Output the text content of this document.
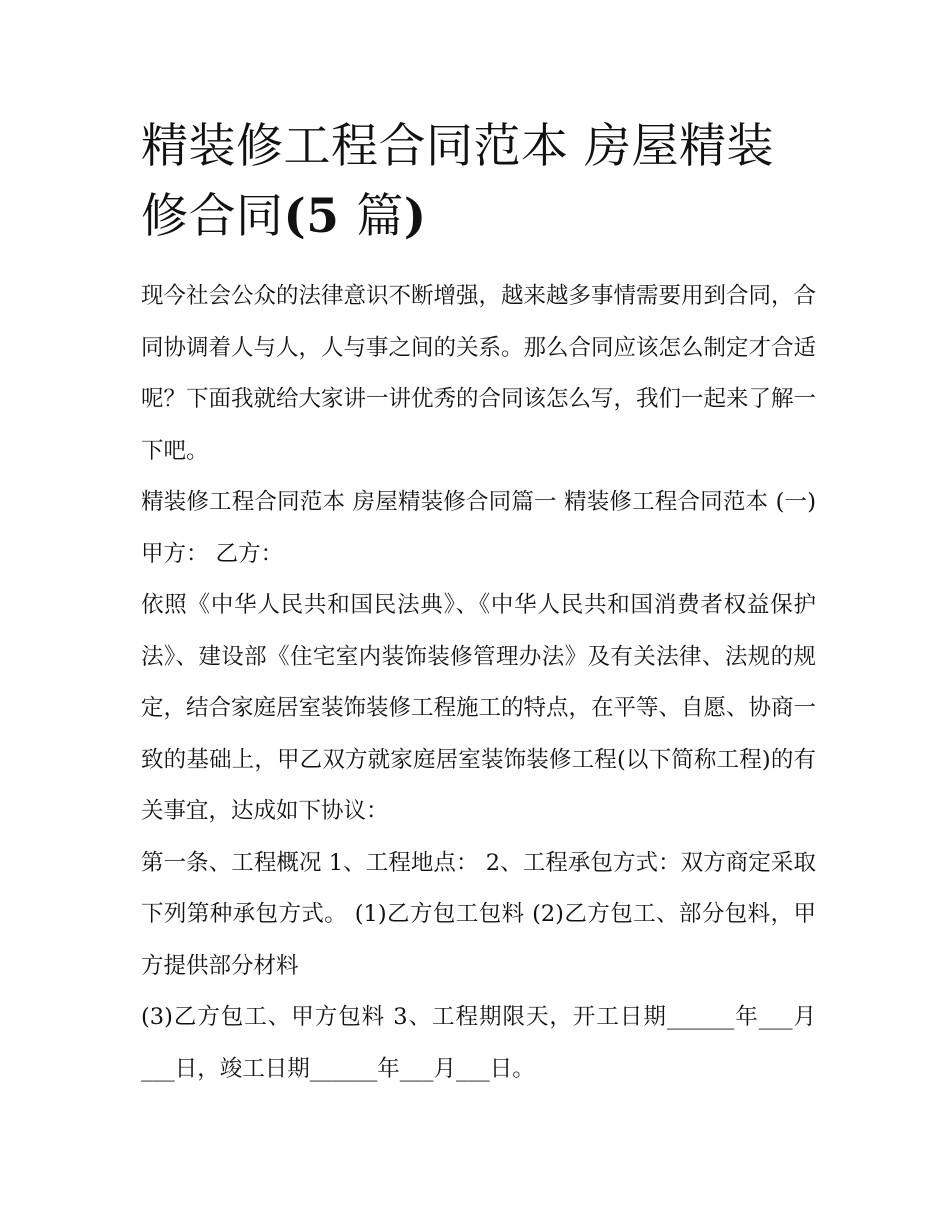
精装修工程合同范本 房屋精装修合同(5 篇)

现今社会公众的法律意识不断增强，越来越多事情需要用到合同，合同协调着人与人，人与事之间的关系。那么合同应该怎么制定才合适呢？下面我就给大家讲一讲优秀的合同该怎么写，我们一起来了解一下吧。

精装修工程合同范本 房屋精装修合同篇一 精装修工程合同范本 (一) 甲方： 乙方：

依照《中华人民共和国民法典》、《中华人民共和国消费者权益保护法》、建设部《住宅室内装饰装修管理办法》及有关法律、法规的规定，结合家庭居室装饰装修工程施工的特点，在平等、自愿、协商一致的基础上，甲乙双方就家庭居室装饰装修工程(以下简称工程)的有关事宜，达成如下协议：

第一条、工程概况 1、工程地点： 2、工程承包方式：双方商定采取下列第种承包方式。 (1)乙方包工包料 (2)乙方包工、部分包料，甲方提供部分材料

(3)乙方包工、甲方包料 3、工程期限天，开工日期______年___月___日，竣工日期______年___月___日。
